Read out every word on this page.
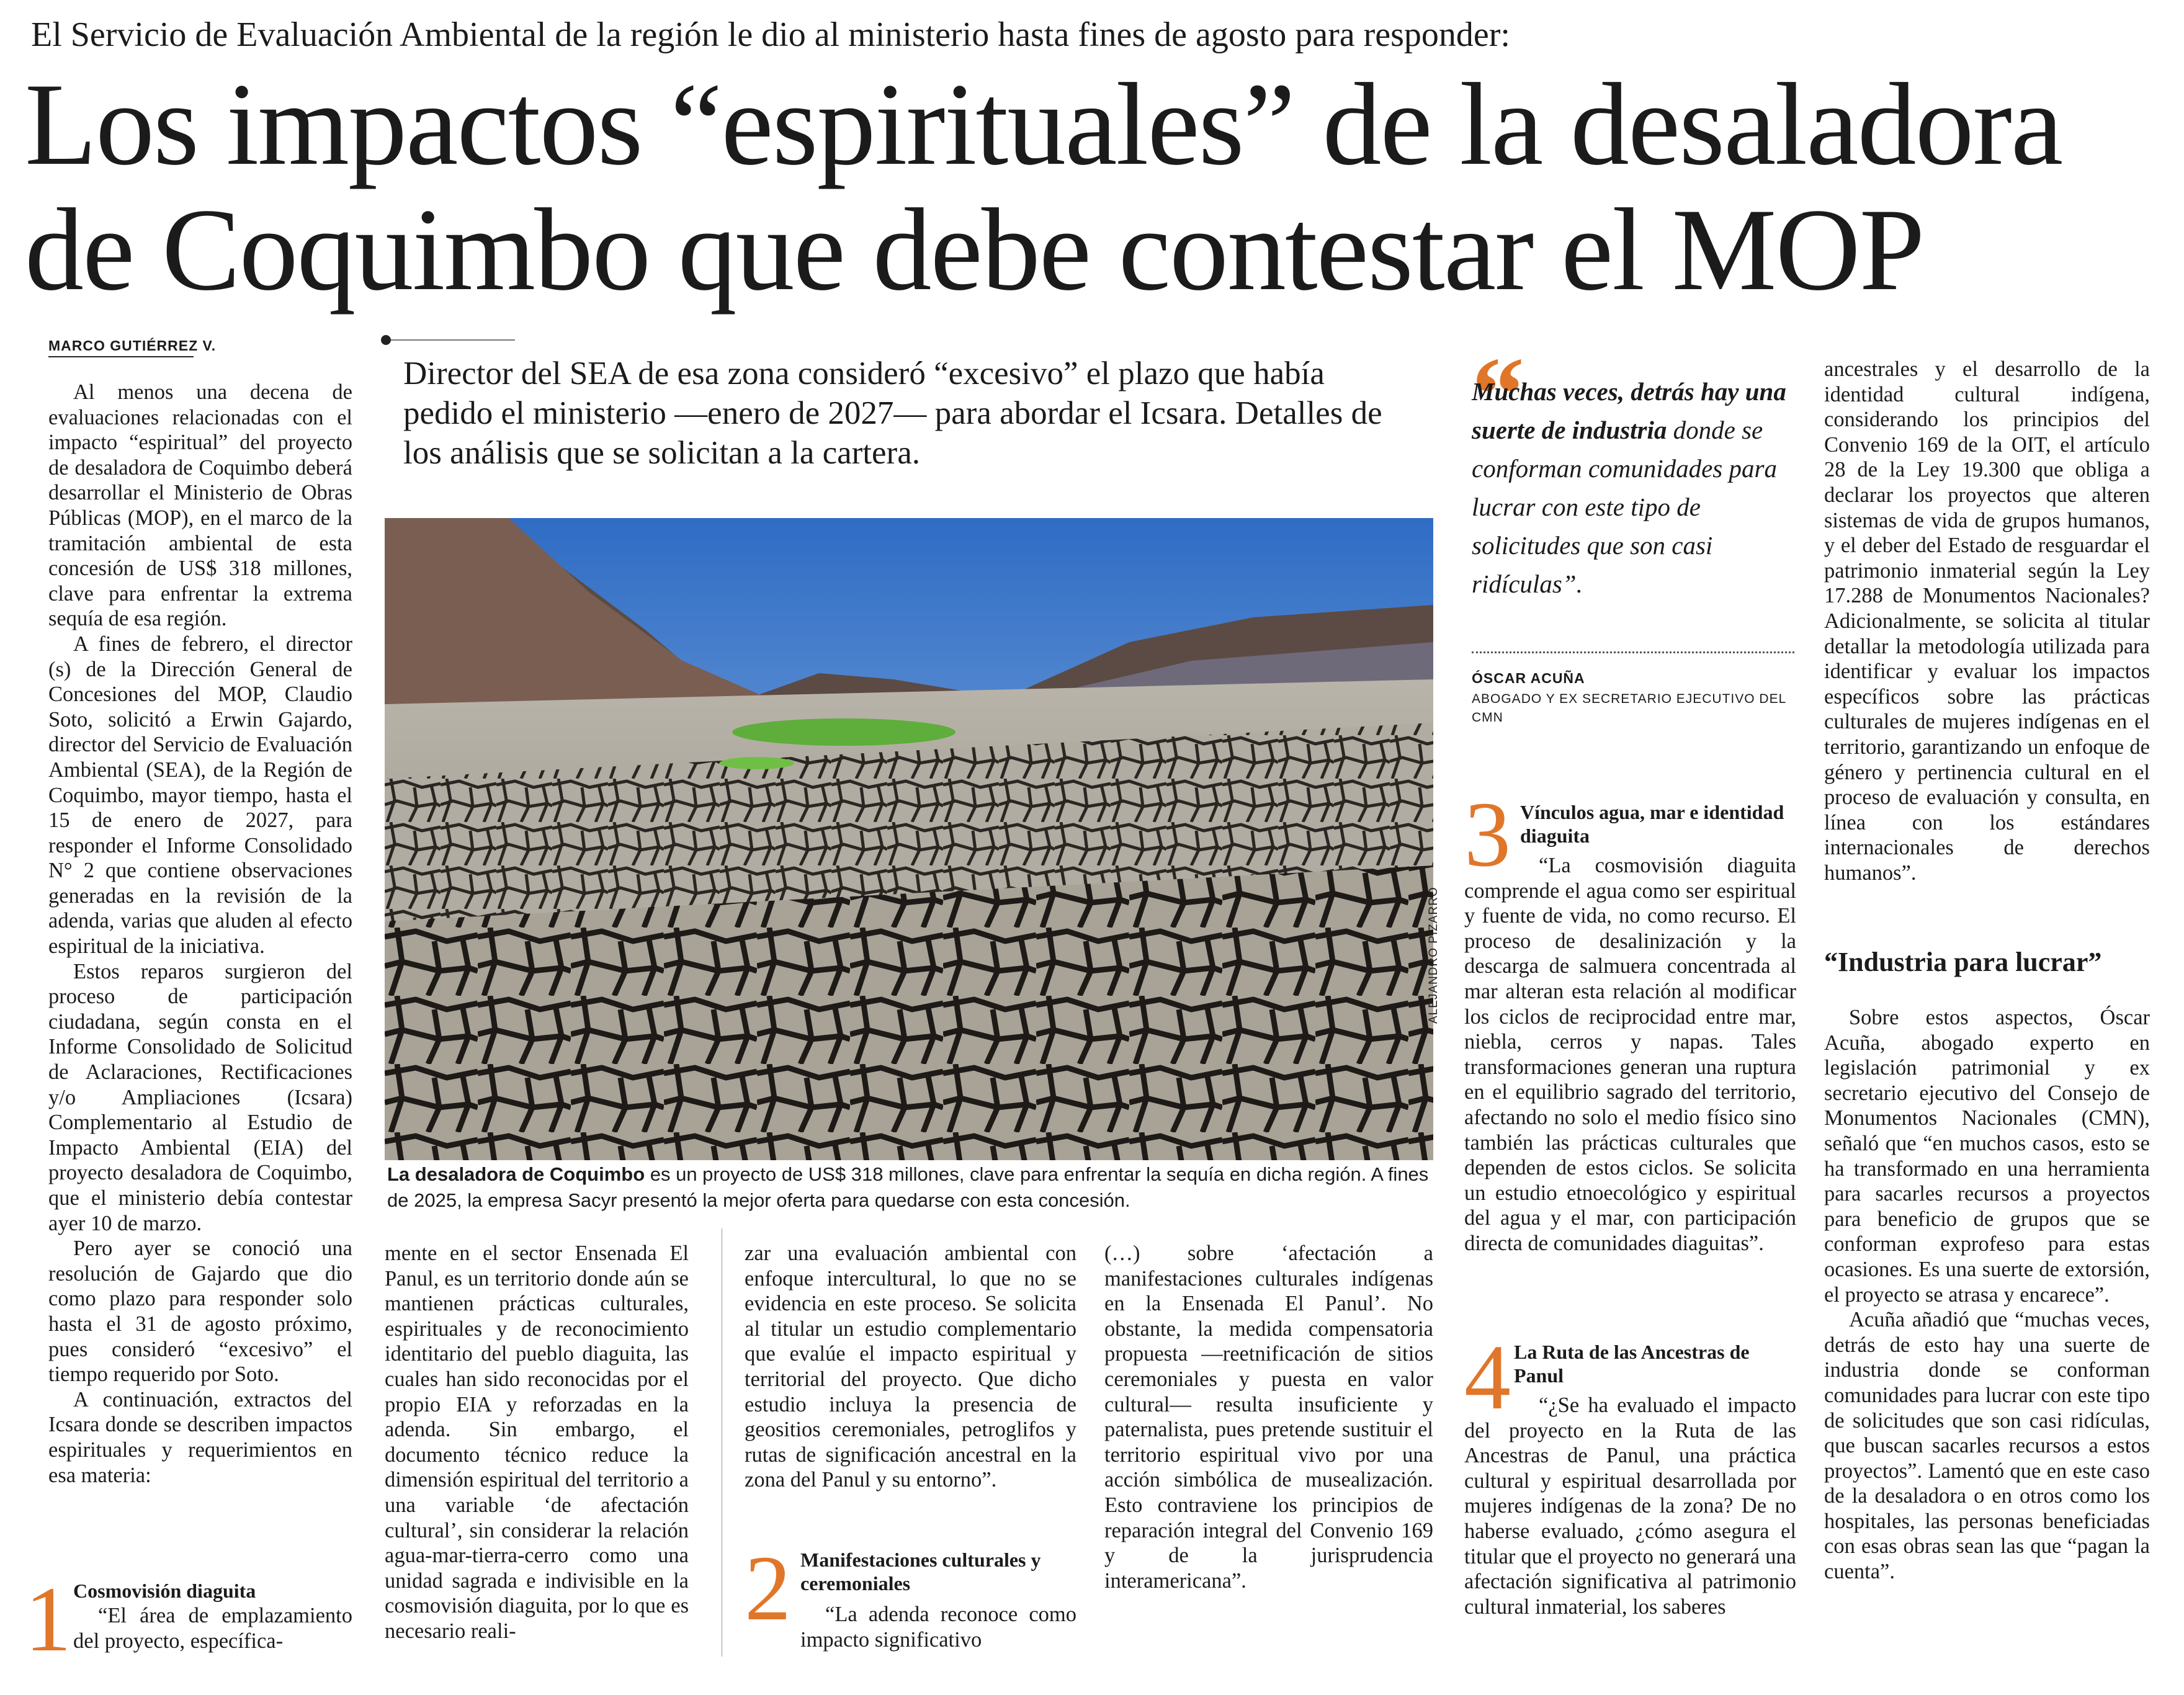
El Servicio de Evaluación Ambiental de la región le dio al ministerio hasta fines de agosto para responder:
Los impactos “espirituales” de la desaladora
de Coquimbo que debe contestar el MOP
MARCO GUTIÉRREZ V.

Al menos una decena de evaluaciones relacionadas con el impacto “espiritual” del proyecto de desaladora de Coquimbo deberá desarrollar el Ministerio de Obras Públicas (MOP), en el marco de la tramitación ambiental de esta concesión de US$ 318 millones, clave para enfrentar la extrema sequía de esa región.

A fines de febrero, el director (s) de la Dirección General de Concesiones del MOP, Claudio Soto, solicitó a Erwin Gajardo, director del Servicio de Evaluación Ambiental (SEA), de la Región de Coquimbo, mayor tiempo, hasta el 15 de enero de 2027, para responder el Informe Consolidado N° 2 que contiene observaciones generadas en la revisión de la adenda, varias que aluden al efecto espiritual de la iniciativa.

Estos reparos surgieron del proceso de participación ciudadana, según consta en el Informe Consolidado de Solicitud de Aclaraciones, Rectificaciones y/o Ampliaciones (Icsara) Complementario al Estudio de Impacto Ambiental (EIA) del proyecto desaladora de Coquimbo, que el ministerio debía contestar ayer 10 de marzo.

Pero ayer se conoció una resolución de Gajardo que dio como plazo para responder solo hasta el 31 de agosto próximo, pues consideró “excesivo” el tiempo requerido por Soto.

A continuación, extractos del Icsara donde se describen impactos espirituales y requerimientos en esa materia:

1 Cosmovisión diaguita

“El área de emplazamiento del proyecto, específica-

Director del SEA de esa zona consideró “excesivo” el plazo que había pedido el ministerio —enero de 2027— para abordar el Icsara. Detalles de los análisis que se solicitan a la cartera.
ALEJANDRO PIZARRO
La desaladora de Coquimbo es un proyecto de US$ 318 millones, clave para enfrentar la sequía en dicha región. A fines de 2025, la empresa Sacyr presentó la mejor oferta para quedarse con esta concesión.

mente en el sector Ensenada El Panul, es un territorio donde aún se mantienen prácticas culturales, espirituales y de reconocimiento identitario del pueblo diaguita, las cuales han sido reconocidas por el propio EIA y reforzadas en la adenda. Sin embargo, el documento técnico reduce la dimensión espiritual del territorio a una variable ‘de afectación cultural’, sin considerar la relación agua-mar-tierra-cerro como una unidad sagrada e indivisible en la cosmovisión diaguita, por lo que es necesario reali-

zar una evaluación ambiental con enfoque intercultural, lo que no se evidencia en este proceso. Se solicita al titular un estudio complementario que evalúe el impacto espiritual y territorial del proyecto. Que dicho estudio incluya la presencia de geositios ceremoniales, petroglifos y rutas de significación ancestral en la zona del Panul y su entorno”.

2 Manifestaciones culturales y ceremoniales

“La adenda reconoce como impacto significativo

(…) sobre ‘afectación a manifestaciones culturales indígenas en la Ensenada El Panul’. No obstante, la medida compensatoria propuesta —reetnificación de sitios ceremoniales y puesta en valor cultural— resulta insuficiente y paternalista, pues pretende sustituir el territorio espiritual vivo por una acción simbólica de musealización. Esto contraviene los principios de reparación integral del Convenio 169 y de la jurisprudencia interamericana”.

“
Muchas veces, detrás hay una suerte de industria donde se conforman comunidades para lucrar con este tipo de solicitudes que son casi ridículas”.
ÓSCAR ACUÑA
ABOGADO Y EX SECRETARIO EJECUTIVO DEL CMN
3 Vínculos agua, mar e identidad diaguita

“La cosmovisión diaguita comprende el agua como ser espiritual y fuente de vida, no como recurso. El proceso de desalinización y la descarga de salmuera concentrada al mar alteran esta relación al modificar los ciclos de reciprocidad entre mar, niebla, cerros y napas. Tales transformaciones generan una ruptura en el equilibrio sagrado del territorio, afectando no solo el medio físico sino también las prácticas culturales que dependen de estos ciclos. Se solicita un estudio etnoecológico y espiritual del agua y el mar, con participación directa de comunidades diaguitas”.

4 La Ruta de las Ancestras de Panul

“¿Se ha evaluado el impacto del proyecto en la Ruta de las Ancestras de Panul, una práctica cultural y espiritual desarrollada por mujeres indígenas de la zona? De no haberse evaluado, ¿cómo asegura el titular que el proyecto no generará una afectación significativa al patrimonio cultural inmaterial, los saberes

ancestrales y el desarrollo de la identidad cultural indígena, considerando los principios del Convenio 169 de la OIT, el artículo 28 de la Ley 19.300 que obliga a declarar los proyectos que alteren sistemas de vida de grupos humanos, y el deber del Estado de resguardar el patrimonio inmaterial según la Ley 17.288 de Monumentos Nacionales? Adicionalmente, se solicita al titular detallar la metodología utilizada para identificar y evaluar los impactos específicos sobre las prácticas culturales de mujeres indígenas en el territorio, garantizando un enfoque de género y pertinencia cultural en el proceso de evaluación y consulta, en línea con los estándares internacionales de derechos humanos”.

“Industria para lucrar”

Sobre estos aspectos, Óscar Acuña, abogado experto en legislación patrimonial y ex secretario ejecutivo del Consejo de Monumentos Nacionales (CMN), señaló que “en muchos casos, esto se ha transformado en una herramienta para sacarles recursos a proyectos para beneficio de grupos que se conforman exprofeso para estas ocasiones. Es una suerte de extorsión, el proyecto se atrasa y encarece”.

Acuña añadió que “muchas veces, detrás de esto hay una suerte de industria donde se conforman comunidades para lucrar con este tipo de solicitudes que son casi ridículas, que buscan sacarles recursos a estos proyectos”. Lamentó que en este caso de la desaladora o en otros como los hospitales, las personas beneficiadas con esas obras sean las que “pagan la cuenta”.
